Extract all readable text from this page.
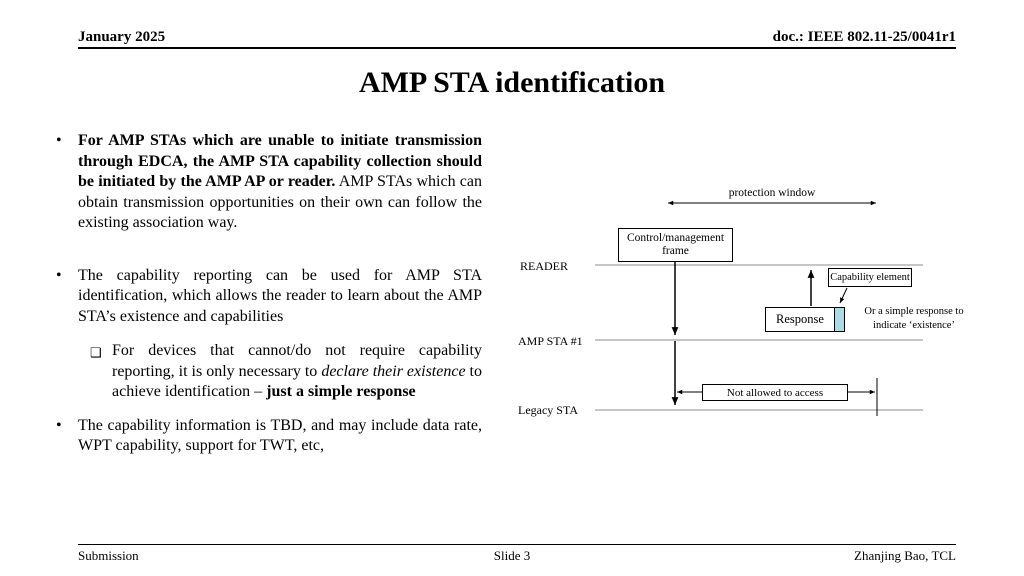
January 2025	doc.: IEEE 802.11-25/0041r1
AMP STA identification
•	For AMP STAs which are unable to initiate transmission through EDCA, the AMP STA capability collection should be initiated by the AMP AP or reader. AMP STAs which can obtain transmission opportunities on their own can follow the existing association way.
•	The capability reporting can be used for AMP STA identification, which allows the reader to learn about the AMP STA’s existence and capabilities
❑ For devices that cannot/do not require capability reporting, it is only necessary to declare their existence to achieve identification – just a simple response
•	The capability information is TBD, and may include data rate, WPT capability, support for TWT, etc,
protection window
Control/management frame
READER
AMP STA #1
Legacy STA
Response
Capability element
Or a simple response to
indicate ‘existence’
Not allowed to access
Submission	Slide 3	Zhanjing Bao, TCL
